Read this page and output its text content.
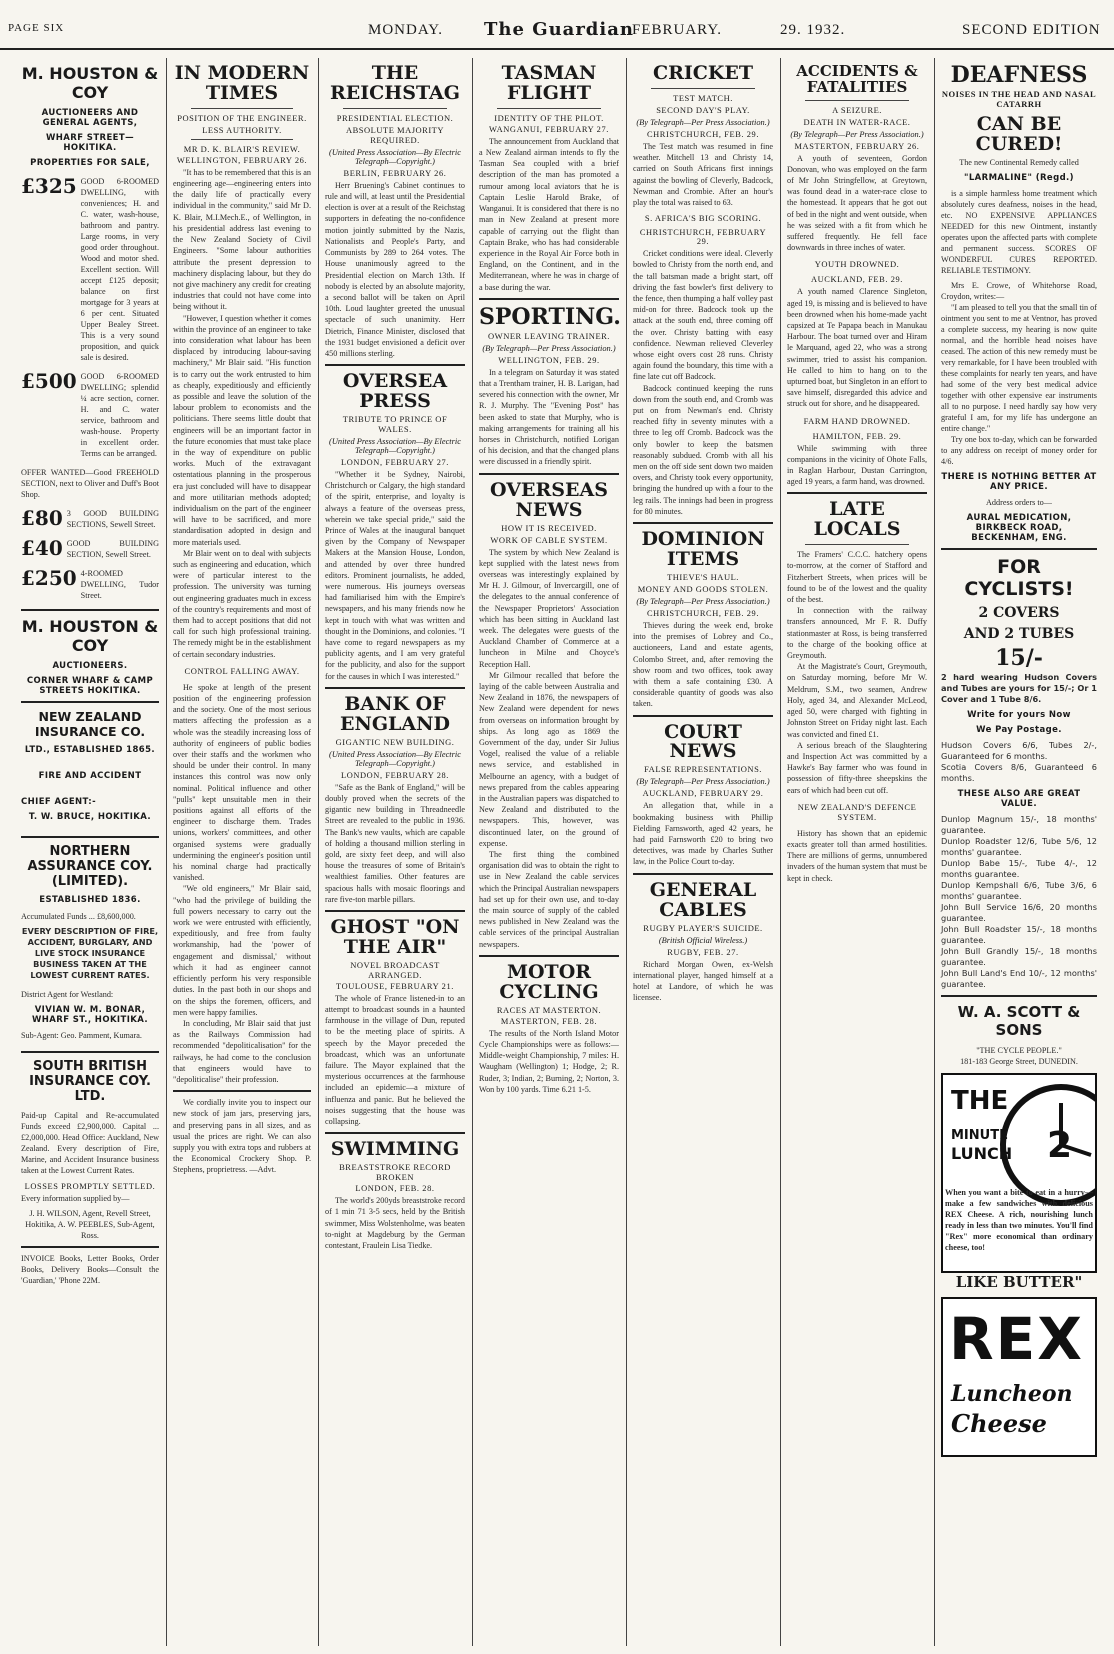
PAGE SIX	MONDAY. The Guardian
FEBRUARY.	29. 1932.	SECOND EDITION
M. HOUSTON & COY
AUCTIONEERS AND GENERAL AGENTS,
WHARF STREET—HOKITIKA.
PROPERTIES FOR SALE,
£325 GOOD 6-ROOMED DWELLING, with conveniences; H. and C. water, wash-house, bathroom and pantry. Large rooms, in very good order throughout. Wood and motor shed. Excellent section. Will accept £125 deposit; balance on first mortgage for 3 years at 6 per cent. Situated Upper Bealey Street. This is a very sound proposition, and quick sale is desired.
£500 GOOD 6-ROOMED DWELLING; splendid ¼ acre section, corner. H. and C. water service, bathroom and wash-house. Property in excellent order. Terms can be arranged.
OFFER WANTED—Good FREEHOLD SECTION, next to Oliver and Duff's Boot Shop.
£80 3 GOOD BUILDING SECTIONS, Sewell Street.
£40 GOOD BUILDING SECTION, Sewell Street.
£250 4-ROOMED DWELLING, Tudor Street.
M. HOUSTON & COY
AUCTIONEERS.
CORNER WHARF & CAMP STREETS HOKITIKA.
NEW ZEALAND INSURANCE CO.
LTD., ESTABLISHED 1865.
FIRE AND ACCIDENT
CHIEF AGENT:-
T. W. BRUCE, HOKITIKA.
NORTHERN ASSURANCE COY. (LIMITED).
ESTABLISHED 1836.
Accumulated Funds ... £8,600,000.
EVERY DESCRIPTION OF FIRE, ACCIDENT, BURGLARY, AND LIVE STOCK INSURANCE BUSINESS TAKEN AT THE LOWEST CURRENT RATES.
District Agent for Westland:
VIVIAN W. M. BONAR, WHARF ST., HOKITIKA.
Sub-Agent: Geo. Pamment, Kumara.
SOUTH BRITISH INSURANCE COY. LTD.
Paid-up Capital and Re-accumulated Funds exceed £2,900,000. Capital ... £2,000,000. Head Office: Auckland, New Zealand. Every description of Fire, Marine, and Accident Insurance business taken at the Lowest Current Rates.
LOSSES PROMPTLY SETTLED.
Every information supplied by—
J. H. WILSON, Agent, Revell Street, Hokitika, A. W. PEEBLES, Sub-Agent, Ross.
INVOICE Books, Letter Books, Order Books, Delivery Books—Consult the 'Guardian,' 'Phone 22M.
IN MODERN TIMES
POSITION OF THE ENGINEER.
LESS AUTHORITY.
MR D. K. BLAIR'S REVIEW.
WELLINGTON, FEBRUARY 26.

"It has to be remembered that this is an engineering age—engineering enters into the daily life of practically every individual in the community," said Mr D. K. Blair, M.I.Mech.E., of Wellington, in his presidential address last evening to the New Zealand Society of Civil Engineers. "Some labour authorities attribute the present depression to machinery displacing labour, but they do not give machinery any credit for creating industries that could not have come into being without it.

"However, I question whether it comes within the province of an engineer to take into consideration what labour has been displaced by introducing labour-saving machinery," Mr Blair said. "His function is to carry out the work entrusted to him as cheaply, expeditiously and efficiently as possible and leave the solution of the labour problem to economists and the politicians. There seems little doubt that engineers will be an important factor in the future economies that must take place in the way of expenditure on public works. Much of the extravagant ostentatious planning in the prosperous era just concluded will have to disappear and more utilitarian methods adopted; individualism on the part of the engineer will have to be sacrificed, and more standardisation adopted in design and more materials used.

Mr Blair went on to deal with subjects such as engineering and education, which were of particular interest to the profession. The university was turning out engineering graduates much in excess of the country's requirements and most of them had to accept positions that did not call for such high professional training. The remedy might be in the establishment of certain secondary industries.

CONTROL FALLING AWAY.

He spoke at length of the present position of the engineering profession and the society. One of the most serious matters affecting the profession as a whole was the steadily increasing loss of authority of engineers of public bodies over their staffs and the workmen who should be under their control. In many instances this control was now only nominal. Political influence and other "pulls" kept unsuitable men in their positions against all efforts of the engineer to discharge them. Trades unions, workers' committees, and other organised systems were gradually undermining the engineer's position until his nominal charge had practically vanished.

"We old engineers," Mr Blair said, "who had the privilege of building the full powers necessary to carry out the work we were entrusted with efficiently, expeditiously, and free from faulty workmanship, had the 'power of engagement and dismissal,' without which it had as engineer cannot efficiently perform his very responsible duties. In the past both in our shops and on the ships the foremen, officers, and men were happy families.

In concluding, Mr Blair said that just as the Railways Commission had recommended "depoliticalisation" for the railways, he had come to the conclusion that engineers would have to "depoliticalise" their profession.

We cordially invite you to inspect our new stock of jam jars, preserving jars, and preserving pans in all sizes, and as usual the prices are right. We can also supply you with extra tops and rubbers at the Economical Crockery Shop. P. Stephens, proprietress. —Advt.

THE REICHSTAG
PRESIDENTIAL ELECTION.
ABSOLUTE MAJORITY REQUIRED.
(United Press Association—By Electric Telegraph—Copyright.)
BERLIN, FEBRUARY 26.

Herr Bruening's Cabinet continues to rule and will, at least until the Presidential election is over at a result of the Reichstag supporters in defeating the no-confidence motion jointly submitted by the Nazis, Nationalists and People's Party, and Communists by 289 to 264 votes. The House unanimously agreed to the Presidential election on March 13th. If nobody is elected by an absolute majority, a second ballot will be taken on April 10th. Loud laughter greeted the unusual spectacle of such unanimity. Herr Dietrich, Finance Minister, disclosed that the 1931 budget envisioned a deficit over 450 millions sterling.

OVERSEA PRESS
TRIBUTE TO PRINCE OF WALES.
(United Press Association—By Electric Telegraph—Copyright.)
LONDON, FEBRUARY 27.

"Whether it be Sydney, Nairobi, Christchurch or Calgary, the high standard of the spirit, enterprise, and loyalty is always a feature of the overseas press, wherein we take special pride," said the Prince of Wales at the inaugural banquet given by the Company of Newspaper Makers at the Mansion House, London, and attended by over three hundred editors. Prominent journalists, he added, were numerous. His journeys overseas had familiarised him with the Empire's newspapers, and his many friends now he kept in touch with what was written and thought in the Dominions, and colonies. "I have come to regard newspapers as my publicity agents, and I am very grateful for the publicity, and also for the support for the causes in which I was interested."

BANK OF ENGLAND
GIGANTIC NEW BUILDING.
(United Press Association—By Electric Telegraph—Copyright.)
LONDON, FEBRUARY 28.

"Safe as the Bank of England," will be doubly proved when the secrets of the gigantic new building in Threadneedle Street are revealed to the public in 1936. The Bank's new vaults, which are capable of holding a thousand million sterling in gold, are sixty feet deep, and will also house the treasures of some of Britain's wealthiest families. Other features are spacious halls with mosaic floorings and rare five-ton marble pillars.

GHOST "ON THE AIR"
NOVEL BROADCAST ARRANGED.
TOULOUSE, FEBRUARY 21.

The whole of France listened-in to an attempt to broadcast sounds in a haunted farmhouse in the village of Dun, reputed to be the meeting place of spirits. A speech by the Mayor preceded the broadcast, which was an unfortunate failure. The Mayor explained that the mysterious occurrences at the farmhouse included an epidemic—a mixture of influenza and panic. But he believed the noises suggesting that the house was collapsing.

SWIMMING
BREASTSTROKE RECORD BROKEN
LONDON, FEB. 28.

The world's 200yds breaststroke record of 1 min 71 3-5 secs, held by the British swimmer, Miss Wolstenholme, was beaten to-night at Magdeburg by the German contestant, Fraulein Lisa Tiedke.

TASMAN FLIGHT
IDENTITY OF THE PILOT.
WANGANUI, FEBRUARY 27.

The announcement from Auckland that a New Zealand airman intends to fly the Tasman Sea coupled with a brief description of the man has promoted a rumour among local aviators that he is Captain Leslie Harold Brake, of Wanganui. It is considered that there is no man in New Zealand at present more capable of carrying out the flight than Captain Brake, who has had considerable experience in the Royal Air Force both in England, on the Continent, and in the Mediterranean, where he was in charge of a base during the war.

SPORTING.
OWNER LEAVING TRAINER.
(By Telegraph—Per Press Association.)
WELLINGTON, FEB. 29.

In a telegram on Saturday it was stated that a Trentham trainer, H. B. Larigan, had severed his connection with the owner, Mr R. J. Murphy. The "Evening Post" has been asked to state that Murphy, who is making arrangements for training all his horses in Christchurch, notified Lorigan of his decision, and that the changed plans were discussed in a friendly spirit.

OVERSEAS NEWS
HOW IT IS RECEIVED.
WORK OF CABLE SYSTEM.

The system by which New Zealand is kept supplied with the latest news from overseas was interestingly explained by Mr H. J. Gilmour, of Invercargill, one of the delegates to the annual conference of the Newspaper Proprietors' Association which has been sitting in Auckland last week. The delegates were guests of the Auckland Chamber of Commerce at a luncheon in Milne and Choyce's Reception Hall.

Mr Gilmour recalled that before the laying of the cable between Australia and New Zealand in 1876, the newspapers of New Zealand were dependent for news from overseas on information brought by ships. As long ago as 1869 the Government of the day, under Sir Julius Vogel, realised the value of a reliable news service, and established in Melbourne an agency, with a budget of news prepared from the cables appearing in the Australian papers was dispatched to New Zealand and distributed to the newspapers. This, however, was discontinued later, on the ground of expense.

The first thing the combined organisation did was to obtain the right to use in New Zealand the cable services which the Principal Australian newspapers had set up for their own use, and to-day the main source of supply of the cabled news published in New Zealand was the cable services of the principal Australian newspapers.

MOTOR CYCLING
RACES AT MASTERTON.
MASTERTON, FEB. 28.

The results of the North Island Motor Cycle Championships were as follows:—Middle-weight Championship, 7 miles: H. Waugham (Wellington) 1; Hodge, 2; R. Ruder, 3; Indian, 2; Burning, 2; Norton, 3. Won by 100 yards. Time 6.21 1-5.

CRICKET
TEST MATCH.
SECOND DAY'S PLAY.
(By Telegraph—Per Press Association.)
CHRISTCHURCH, FEB. 29.

The Test match was resumed in fine weather. Mitchell 13 and Christy 14, carried on South Africans first innings against the bowling of Cleverly, Badcock, Newman and Crombie. After an hour's play the total was raised to 63.

S. AFRICA'S BIG SCORING.
CHRISTCHURCH, FEBRUARY 29.

Cricket conditions were ideal. Cleverly bowled to Christy from the north end, and the tall batsman made a bright start, off driving the fast bowler's first delivery to the fence, then thumping a half volley past mid-on for three. Badcock took up the attack at the south end, three coming off the over. Christy batting with easy confidence. Newman relieved Cleverley whose eight overs cost 28 runs. Christy again found the boundary, this time with a fine late cut off Badcock.

Badcock continued keeping the runs down from the south end, and Cromb was put on from Newman's end. Christy reached fifty in seventy minutes with a three to leg off Cromb. Badcock was the only bowler to keep the batsmen reasonably subdued. Cromb with all his men on the off side sent down two maiden overs, and Christy took every opportunity, bringing the hundred up with a four to the leg rails. The innings had been in progress for 80 minutes.

DOMINION ITEMS
THIEVE'S HAUL.
MONEY AND GOODS STOLEN.
(By Telegraph—Per Press Association.)
CHRISTCHURCH, FEB. 29.

Thieves during the week end, broke into the premises of Lobrey and Co., auctioneers, Land and estate agents, Colombo Street, and, after removing the show room and two offices, took away with them a safe containing £30. A considerable quantity of goods was also taken.

COURT NEWS
FALSE REPRESENTATIONS.
(By Telegraph—Per Press Association.)
AUCKLAND, FEBRUARY 29.

An allegation that, while in a bookmaking business with Phillip Fielding Farnsworth, aged 42 years, he had paid Farnsworth £20 to bring two detectives, was made by Charles Suther law, in the Police Court to-day.

GENERAL CABLES
RUGBY PLAYER'S SUICIDE.
(British Official Wireless.)
RUGBY, FEB. 27.

Richard Morgan Owen, ex-Welsh international player, hanged himself at a hotel at Landore, of which he was licensee.

ACCIDENTS & FATALITIES
A SEIZURE.
DEATH IN WATER-RACE.
(By Telegraph—Per Press Association.)
MASTERTON, FEBRUARY 26.

A youth of seventeen, Gordon Donovan, who was employed on the farm of Mr John Stringfellow, at Greytown, was found dead in a water-race close to the homestead. It appears that he got out of bed in the night and went outside, when he was seized with a fit from which he suffered frequently. He fell face downwards in three inches of water.

YOUTH DROWNED.
AUCKLAND, FEB. 29.

A youth named Clarence Singleton, aged 19, is missing and is believed to have been drowned when his home-made yacht capsized at Te Papapa beach in Manukau Harbour. The boat turned over and Hiram le Marquand, aged 22, who was a strong swimmer, tried to assist his companion. He called to him to hang on to the upturned boat, but Singleton in an effort to save himself, disregarded this advice and struck out for shore, and he disappeared.

FARM HAND DROWNED.
HAMILTON, FEB. 29.

While swimming with three companions in the vicinity of Ohote Falls, in Raglan Harbour, Dustan Carrington, aged 19 years, a farm hand, was drowned.

LATE LOCALS

The Framers' C.C.C. hatchery opens to-morrow, at the corner of Stafford and Fitzherbert Streets, when prices will be found to be of the lowest and the quality of the best.

In connection with the railway transfers announced, Mr F. R. Duffy stationmaster at Ross, is being transferred to the charge of the booking office at Greymouth.

At the Magistrate's Court, Greymouth, on Saturday morning, before Mr W. Meldrum, S.M., two seamen, Andrew Holy, aged 34, and Alexander McLeod, aged 50, were charged with fighting in Johnston Street on Friday night last. Each was convicted and fined £1.

A serious breach of the Slaughtering and Inspection Act was committed by a Hawke's Bay farmer who was found in possession of fifty-three sheepskins the ears of which had been cut off.

NEW ZEALAND'S DEFENCE SYSTEM.

History has shown that an epidemic exacts greater toll than armed hostilities. There are millions of germs, unnumbered invaders of the human system that must be kept in check.

DEAFNESS
NOISES IN THE HEAD AND NASAL CATARRH
CAN BE CURED!
The new Continental Remedy called
"LARMALINE" (Regd.)

is a simple harmless home treatment which absolutely cures deafness, noises in the head, etc. NO EXPENSIVE APPLIANCES NEEDED for this new Ointment, instantly operates upon the affected parts with complete and permanent success. SCORES OF WONDERFUL CURES REPORTED. RELIABLE TESTIMONY.

Mrs E. Crowe, of Whitehorse Road, Croydon, writes:—

"I am pleased to tell you that the small tin of ointment you sent to me at Ventnor, has proved a complete success, my hearing is now quite normal, and the horrible head noises have ceased. The action of this new remedy must be very remarkable, for I have been troubled with these complaints for nearly ten years, and have had some of the very best medical advice together with other expensive ear instruments all to no purpose. I need hardly say how very grateful I am, for my life has undergone an entire change."

Try one box to-day, which can be forwarded to any address on receipt of money order for 4/6.

THERE IS NOTHING BETTER AT ANY PRICE.
Address orders to—
AURAL MEDICATION, BIRKBECK ROAD, BECKENHAM, ENG.
FOR CYCLISTS!
2 COVERS
AND 2 TUBES
15/-

2 hard wearing Hudson Covers and Tubes are yours for 15/-; Or 1 Cover and 1 Tube 8/6.

Write for yours Now
We Pay Postage.

Hudson Covers 6/6, Tubes 2/-, Guaranteed for 6 months.

Scotia Covers 8/6, Guaranteed 6 months.

THESE ALSO ARE GREAT VALUE.

Dunlop Magnum 15/-, 18 months' guarantee.

Dunlop Roadster 12/6, Tube 5/6, 12 months' guarantee.

Dunlop Babe 15/-, Tube 4/-, 12 months guarantee.

Dunlop Kempshall 6/6, Tube 3/6, 6 months' guarantee.

John Bull Service 16/6, 20 months guarantee.

John Bull Roadster 15/-, 18 months guarantee.

John Bull Grandly 15/-, 18 months guarantee.

John Bull Land's End 10/-, 12 months' guarantee.

W. A. SCOTT & SONS
"THE CYCLE PEOPLE."
181-183 George Street, DUNEDIN.
THE
2
MINUTE
LUNCH

When you want a bite to eat in a hurry—make a few sandwiches with delicious REX Cheese. A rich, nourishing lunch ready in less than two minutes. You'll find "Rex" more economical than ordinary cheese, too!

LIKE BUTTER"
REX
Luncheon
Cheese
